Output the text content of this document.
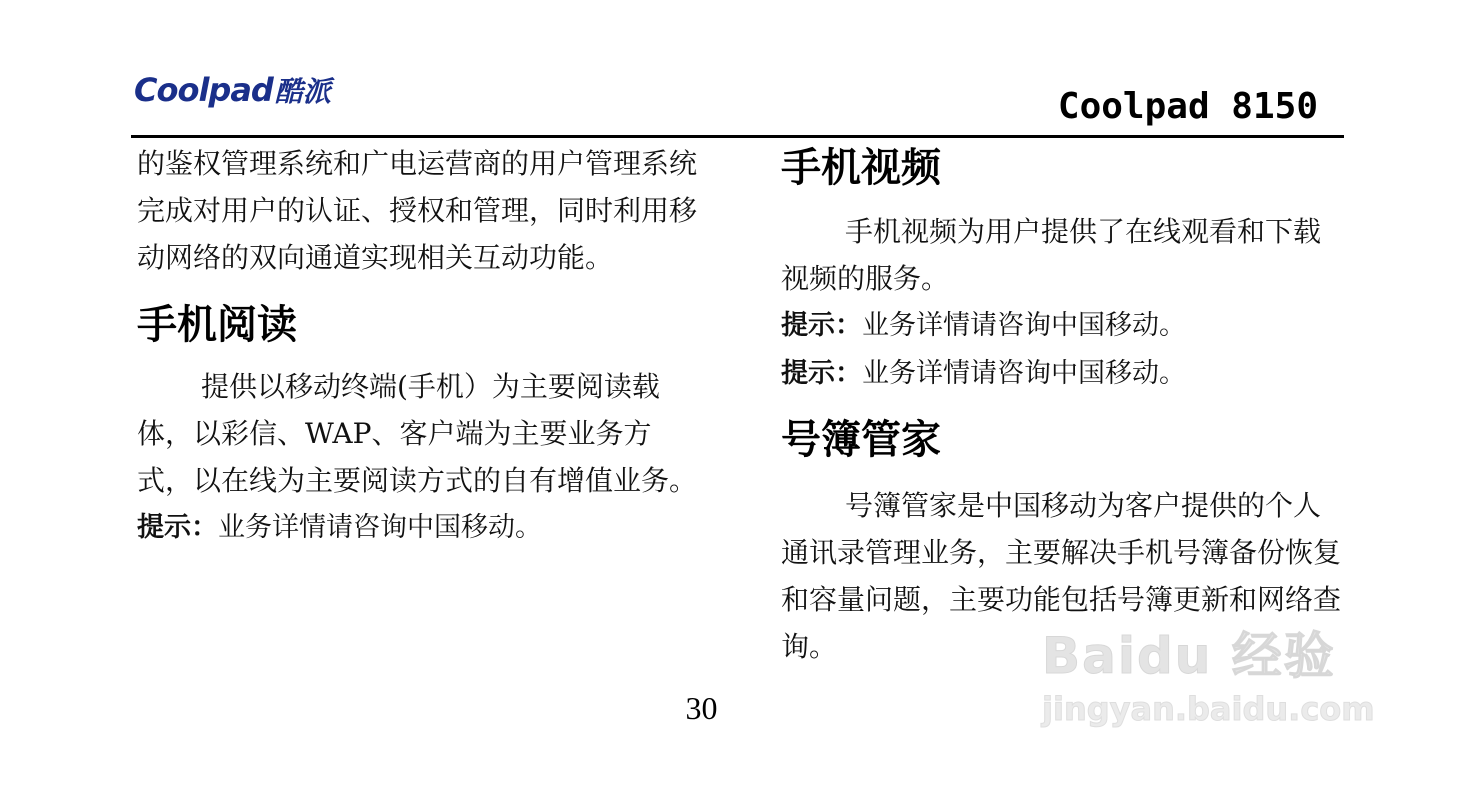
Coolpad酷派	Coolpad 8150

的鉴权管理系统和广电运营商的用户管理系统完成对用户的认证、授权和管理，同时利用移动网络的双向通道实现相关互动功能。

手机阅读

提供以移动终端(手机）为主要阅读载体，以彩信、WAP、客户端为主要业务方式，以在线为主要阅读方式的自有增值业务。

提示：业务详情请咨询中国移动。

手机视频

手机视频为用户提供了在线观看和下载视频的服务。

提示：业务详情请咨询中国移动。

提示：业务详情请咨询中国移动。

号簿管家

号簿管家是中国移动为客户提供的个人通讯录管理业务，主要解决手机号簿备份恢复和容量问题，主要功能包括号簿更新和网络查询。

30
Baidu 经验
jingyan.baidu.com
